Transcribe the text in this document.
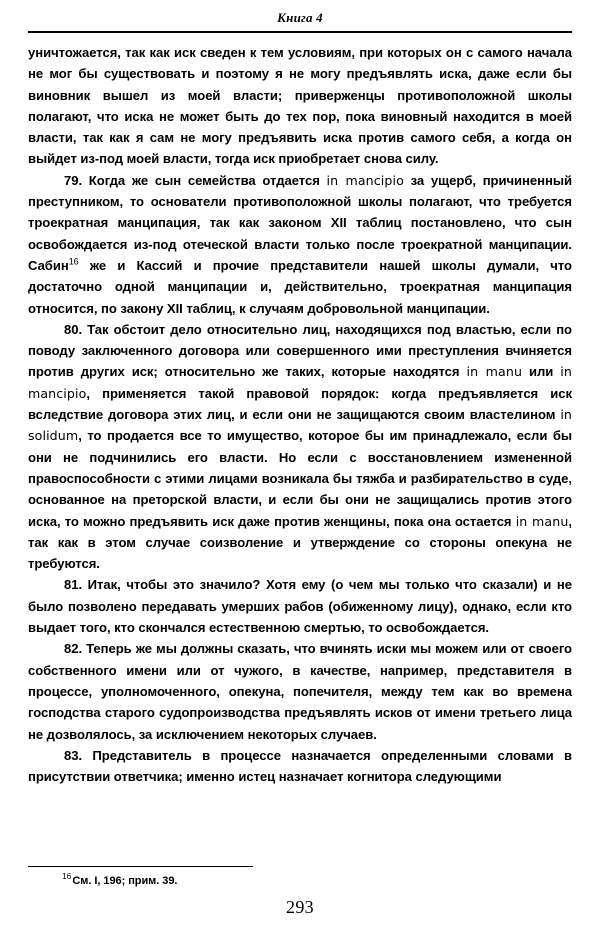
Книга 4

уничтожается, так как иск сведен к тем условиям, при которых он с самого начала не мог бы существовать и поэтому я не могу предъявлять иска, даже если бы виновник вышел из моей власти; приверженцы противоположной школы полагают, что иска не может быть до тех пор, пока виновный находится в моей власти, так как я сам не могу предъявить иска против самого себя, а когда он выйдет из-под моей власти, тогда иск приобретает снова силу.

79. Когда же сын семейства отдается in mancipio за ущерб, причиненный преступником, то основатели противоположной школы полагают, что требуется троекратная манципация, так как законом XII таблиц постановлено, что сын освобождается из-под отеческой власти только после троекратной манципации. Сабин$^{16}$ же и Кассий и прочие представители нашей школы думали, что достаточно одной манципации и, действительно, троекратная манципация относится, по закону XII таблиц, к случаям добровольной манципации.

80. Так обстоит дело относительно лиц, находящихся под властью, если по поводу заключенного договора или совершенного ими преступления вчиняется против других иск; относительно же таких, которые находятся in manu или in mancipio, применяется такой правовой порядок: когда предъявляется иск вследствие договора этих лиц, и если они не защищаются своим властелином in solidum, то продается все то имущество, которое бы им принадлежало, если бы они не подчинились его власти. Но если с восстановлением измененной правоспособности с этими лицами возникала бы тяжба и разбирательство в суде, основанное на преторской власти, и если бы они не защищались против этого иска, то можно предъявить иск даже против женщины, пока она остается in manu, так как в этом случае соизволение и утверждение со стороны опекуна не требуются.

81. Итак, чтобы это значило? Хотя ему (о чем мы только что сказали) и не было позволено передавать умерших рабов (обиженному лицу), однако, если кто выдает того, кто скончался естественною смертью, то освобождается.

82. Теперь же мы должны сказать, что вчинять иски мы можем или от своего собственного имени или от чужого, в качестве, например, представителя в процессе, уполномоченного, опекуна, попечителя, между тем как во времена господства старого судопроизводства предъявлять исков от имени третьего лица не дозволялось, за исключением некоторых случаев.

83. Представитель в процессе назначается определенными словами в присутствии ответчика; именно истец назначает когнитора следующими

$^{16}$См. I, 196; прим. 39.
293
